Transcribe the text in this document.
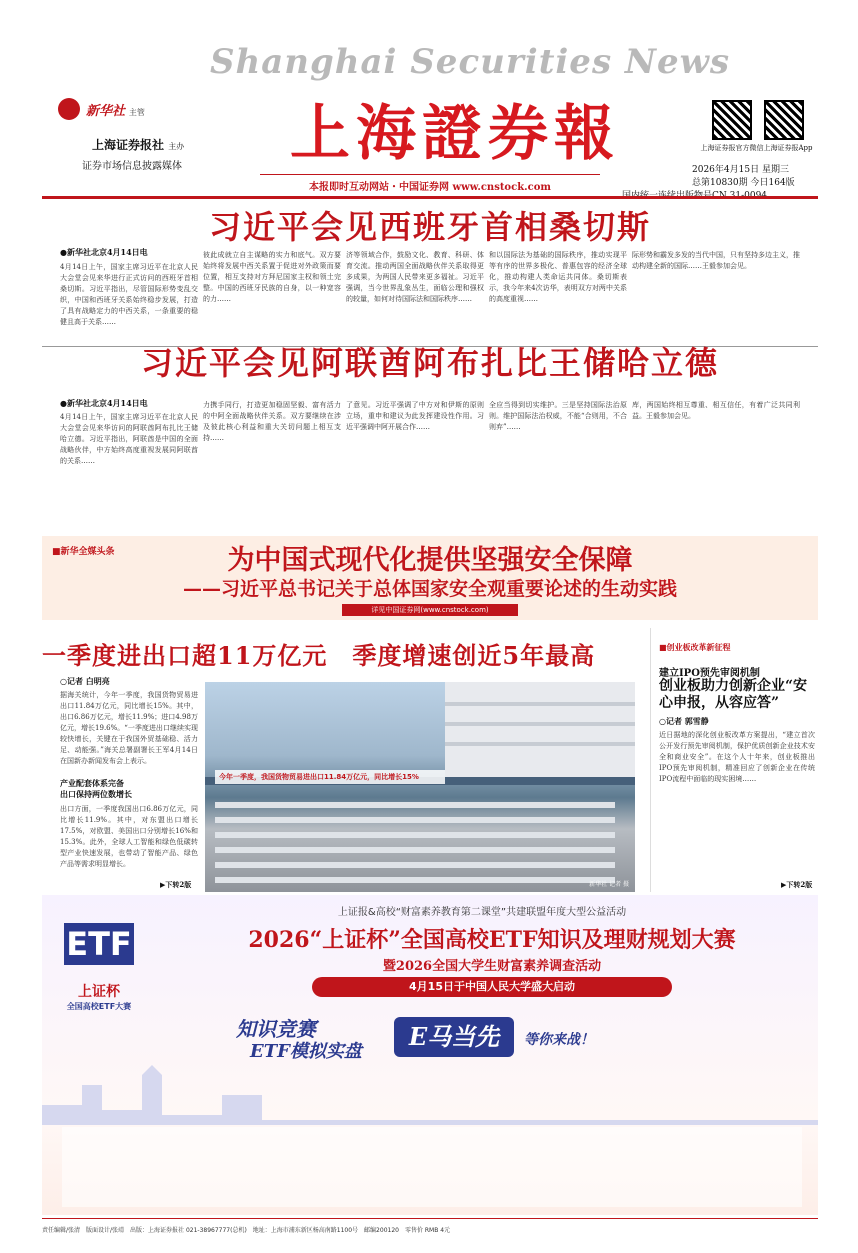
新华社 主管
上海证券报社 主办
证券市场信息披露媒体
Shanghai Securities News
上海證券報
本报即时互动网站・中国证券网 www.cnstock.com
上海证券报官方微信 上海证券报App
2026年4月15日 星期三
总第10830期 今日164版
习近平会见西班牙首相桑切斯
●新华社北京4月14日电
4月14日上午，国家主席习近平在北京人民大会堂会见来华进行正式访问的西班牙首相桑切斯。习近平指出，尽管国际形势变乱交织，中国和西班牙关系始终稳步发展，打造了具有战略定力的中西关系，一条重要的稳健且高于关系……
彼此成就立自主谋略的实力和底气。双方要始终将发展中西关系置于促进对外政策而要位置，相互支持对方拜尼国家主权和领土完整。中国的西班牙民族的自身，以一种宽容的力……
济等领域合作，鼓励文化、教育、科研、体育交流。推动两国全面战略伙伴关系取得更多成果，为两国人民带来更多福祉。习近平强调，当今世界乱象丛生，面临公理和强权的较量，如何对待国际法和国际秩序……
和以国际法为基础的国际秩序，推动实现平等有序的世界多极化、普惠包容的经济全球化，推动构建人类命运共同体。桑切斯表示，我今年来4次访华，表明双方对两中关系的高度重视……
际形势和霸发多发的当代中国，只有坚持多边主义，推动构建全新的国际……王毅参加会见。
习近平会见阿联酋阿布扎比王储哈立德
●新华社北京4月14日电
4月14日上午，国家主席习近平在北京人民大会堂会见来华访问的阿联酋阿布扎比王储哈立德。习近平指出，阿联酋是中国的全面战略伙伴，中方始终高度重视发展同阿联酋的关系……
力携手同行，打造更加稳固坚毅、富有活力的中阿全面战略伙伴关系。双方要继续在涉及彼此核心利益和重大关切问题上相互支持……
了意见。习近平强调了中方对和伊斯的原则立场，重申和建议为此发挥建设性作用。习近平强调中阿开展合作……
全应当得到切实维护。三是坚持国际法治原则。维护国际法治权威，不能“合则用，不合则弃”……
库，两国始终相互尊重、相互信任，有着广泛共同利益。王毅参加会见。
■新华全媒头条	为中国式现代化提供坚强安全保障
——习近平总书记关于总体国家安全观重要论述的生动实践
详见中国证券网(www.cnstock.com)
一季度进出口超11万亿元　季度增速创近5年最高
○记者 白明亮
据海关统计，今年一季度，我国货物贸易进出口11.84万亿元，同比增长15%。其中，出口6.86万亿元，增长11.9%；进口4.98万亿元，增长19.6%。“一季度进出口继续实现较快增长，关键在于我国外贸基础稳、活力足、动能强。”海关总署副署长王军4月14日在国新办新闻发布会上表示。
产业配套体系完备
出口保持两位数增长
出口方面，一季度我国出口6.86万亿元，同比增长11.9%。其中，对东盟出口增长17.5%，对欧盟、美国出口分别增长16%和15.3%。此外，全球人工智能和绿色低碳转型产业快速发展，也带动了智能产品、绿色产品等需求明显增长。
▶下转2版
今年一季度，我国货物贸易进出口11.84万亿元，同比增长15%
新华社 记者 摄
■创业板改革新征程
建立IPO预先审阅机制
创业板助力创新企业“安心申报，从容应答”
○记者 郭雪静
近日据地的深化创业板改革方案提出，“建立首次公开发行预先审阅机制，保护优质创新企业技术安全和商业安全”。在这个人十年来，创业板推出IPO预先审阅机制，精准回应了创新企业在传统IPO流程中面临的现实困境……
▶下转2版
上证报&高校“财富素养教育第二课堂”共建联盟年度大型公益活动
ETF
上证杯
全国高校ETF大赛
2026“上证杯”全国高校ETF知识及理财规划大赛
暨2026全国大学生财富素养调查活动
4月15日于中国人民大学盛大启动
知识竞赛
ETF模拟实盘
E马当先	等你来战！
责任编辑/张清　版面设计/张靖　出版：上海证券报社 021-38967777(总机)　地址：上海市浦东新区杨高南路1100号　邮编200120　零售价 RMB 4元
